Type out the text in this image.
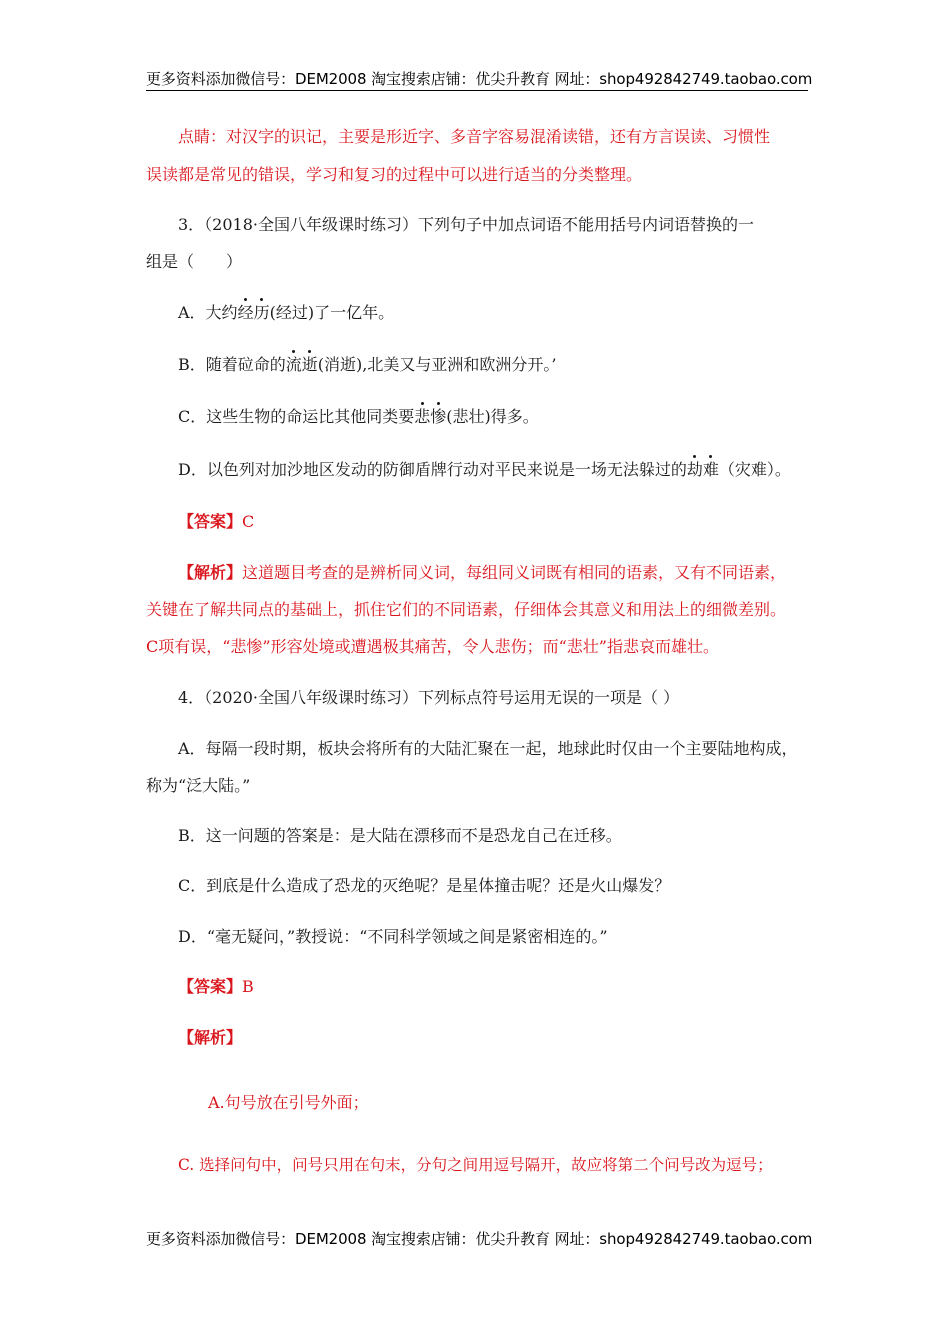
更多资料添加微信号：DEM2008 淘宝搜索店铺：优尖升教育 网址：shop492842749.taobao.com
点睛：对汉字的识记，主要是形近字、多音字容易混淆读错，还有方言误读、习惯性
误读都是常见的错误，学习和复习的过程中可以进行适当的分类整理。
3．（2018·全国八年级课时练习）下列句子中加点词语不能用括号内词语替换的一
组是（　　）
A．大约经历(经过)了一亿年。
B．随着砬命的流逝(消逝),北美又与亚洲和欧洲分开。’
C．这些生物的命运比其他同类要悲惨(悲壮)得多。
D．以色列对加沙地区发动的防御盾牌行动对平民来说是一场无法躲过的劫难（灾难）。
【答案】C
【解析】这道题目考查的是辨析同义词，每组同义词既有相同的语素，又有不同语素，
关键在了解共同点的基础上，抓住它们的不同语素，仔细体会其意义和用法上的细微差别。
C项有误，“悲惨”形容处境或遭遇极其痛苦，令人悲伤；而“悲壮”指悲哀而雄壮。
4．（2020·全国八年级课时练习）下列标点符号运用无误的一项是（ ）
A．每隔一段时期，板块会将所有的大陆汇聚在一起，地球此时仅由一个主要陆地构成，
称为“泛大陆。”
B．这一问题的答案是：是大陆在漂移而不是恐龙自己在迁移。
C．到底是什么造成了恐龙的灭绝呢？是星体撞击呢？还是火山爆发？
D．“毫无疑问，”教授说：“不同科学领域之间是紧密相连的。”
【答案】B
【解析】
A.句号放在引号外面；
C. 选择问句中，问号只用在句末，分句之间用逗号隔开，故应将第二个问号改为逗号；
更多资料添加微信号：DEM2008 淘宝搜索店铺：优尖升教育 网址：shop492842749.taobao.com
